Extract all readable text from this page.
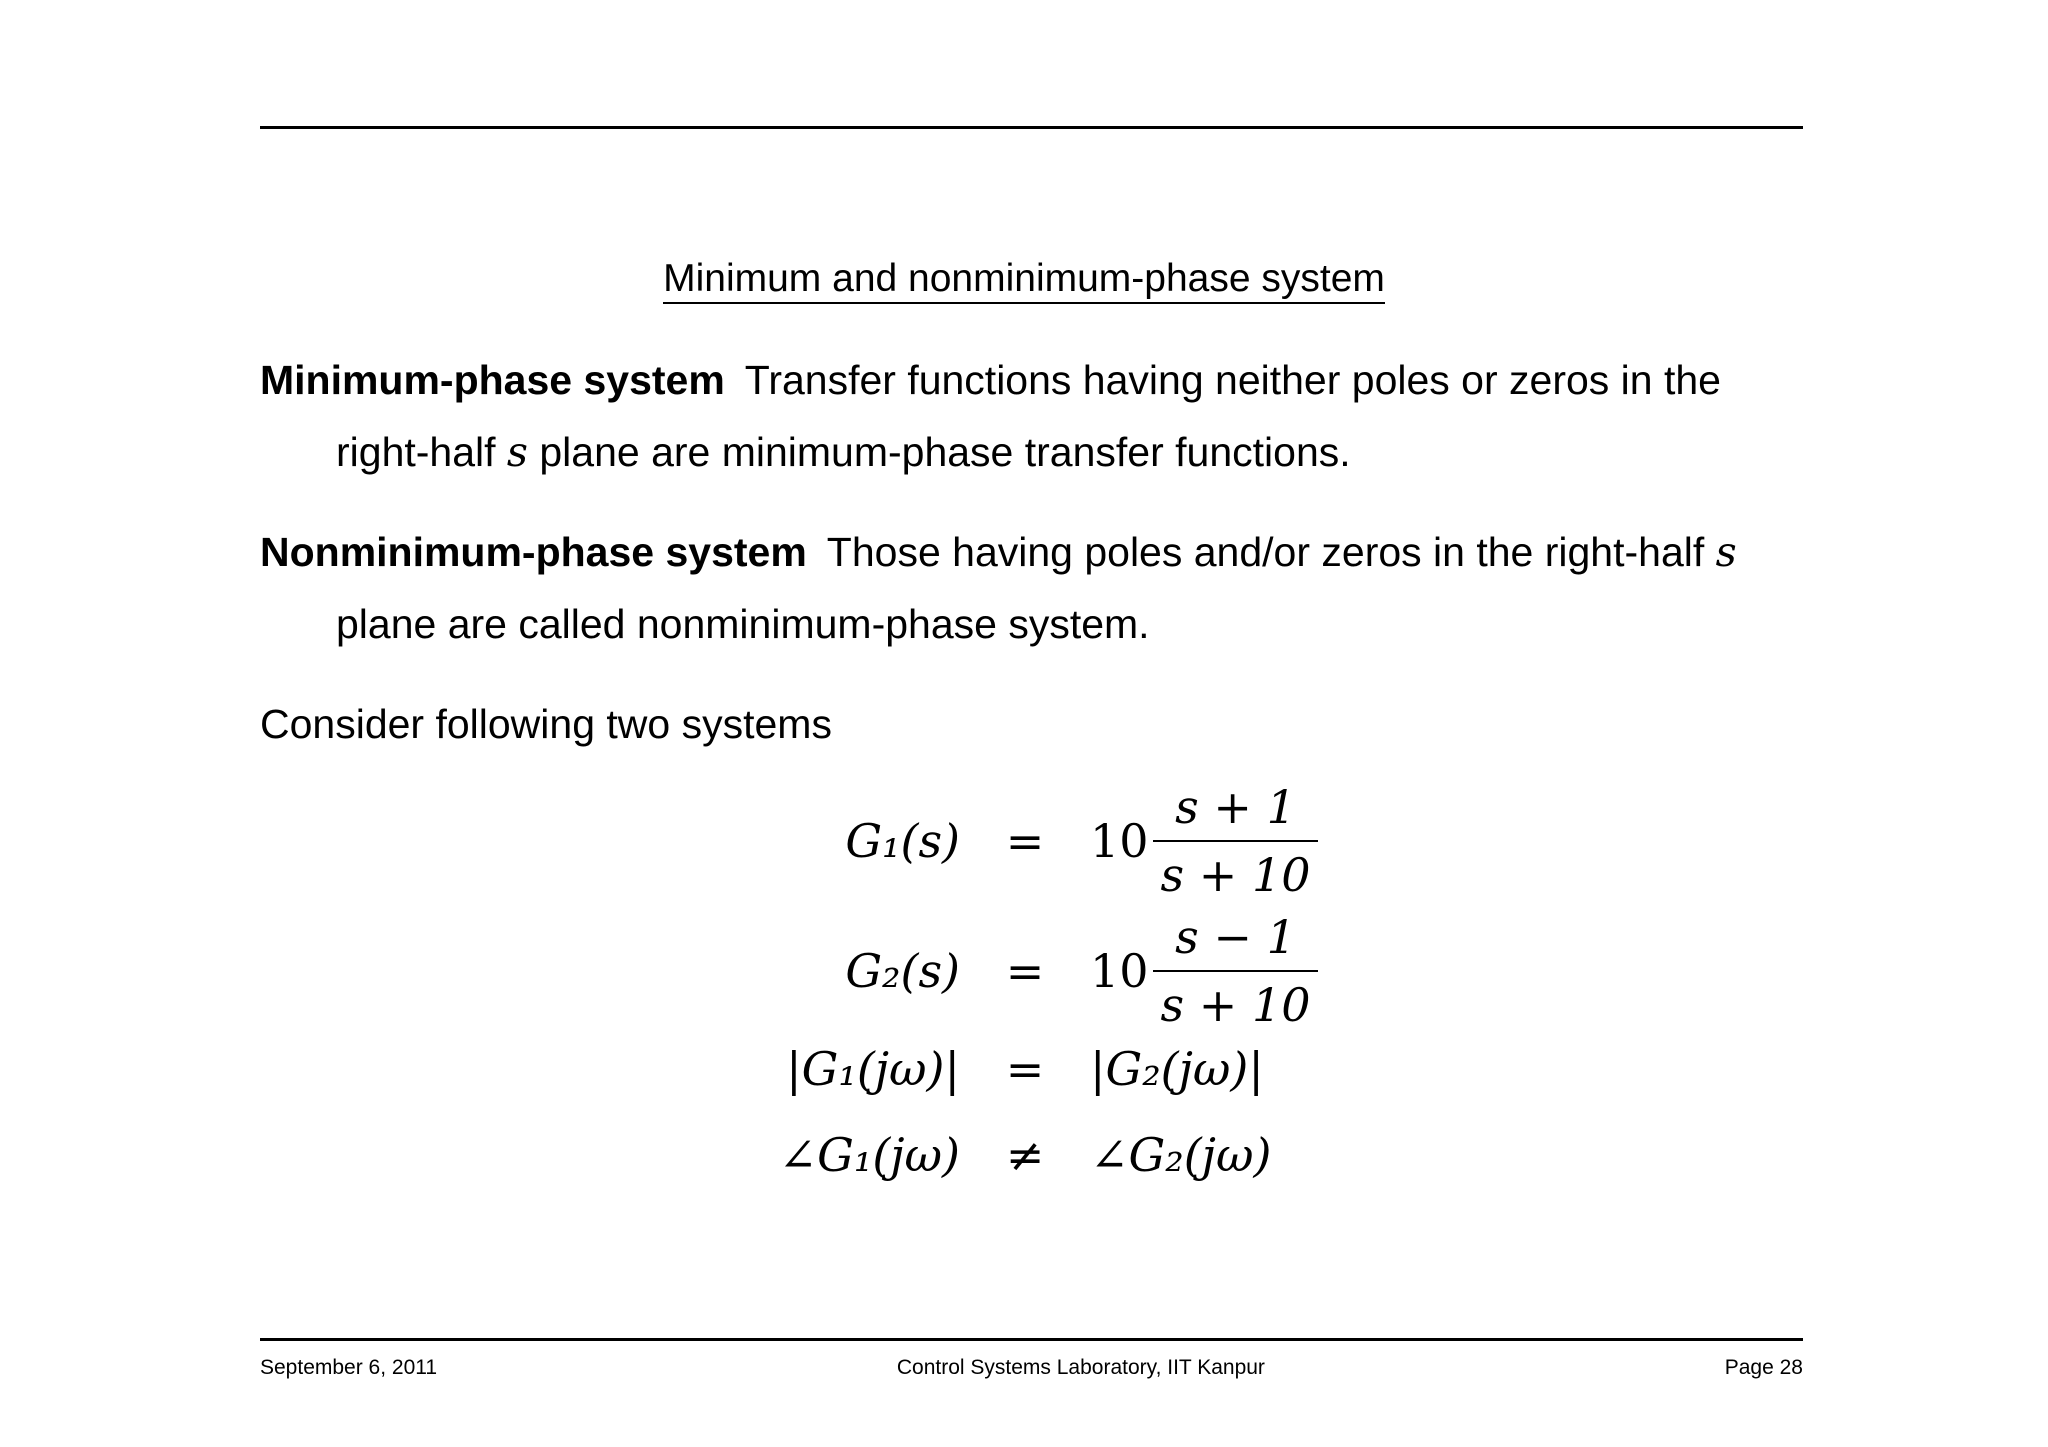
Minimum and nonminimum-phase system
Minimum-phase system Transfer functions having neither poles or zeros in the
right-half s plane are minimum-phase transfer functions.
Nonminimum-phase system Those having poles and/or zeros in the right-half s
plane are called nonminimum-phase system.
Consider following two systems
$G_1(s) = 10 \frac{s + 1}{s + 10}$
$G_2(s) = 10 \frac{s - 1}{s + 10}$
|G₁(jω)| = |G₂(jω)|
∠G₁(jω) ≠ ∠G₂(jω)
September 6, 2011	Control Systems Laboratory, IIT Kanpur	Page 28
